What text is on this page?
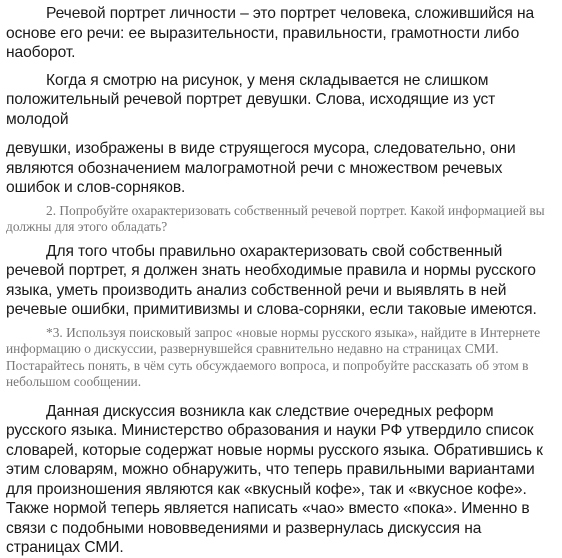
Речевой портрет личности – это портрет человека, сложившийся на основе его речи: ее выразительности, правильности, грамотности либо наоборот.

Когда я смотрю на рисунок, у меня складывается не слишком положительный речевой портрет девушки. Слова, исходящие из уст молодой

девушки, изображены в виде струящегося мусора, следовательно, они являются обозначением малограмотной речи с множеством речевых ошибок и слов-сорняков.

2. Попробуйте охарактеризовать собственный речевой портрет. Какой информацией вы должны для этого обладать?

Для того чтобы правильно охарактеризовать свой собственный речевой портрет, я должен знать необходимые правила и нормы русского языка, уметь производить анализ собственной речи и выявлять в ней речевые ошибки, примитивизмы и слова-сорняки, если таковые имеются.

*3. Используя поисковый запрос «новые нормы русского языка», найдите в Интернете информацию о дискуссии, развернувшейся сравнительно недавно на страницах СМИ. Постарайтесь понять, в чём суть обсуждаемого вопроса, и попробуйте рассказать об этом в небольшом сообщении.

Данная дискуссия возникла как следствие очередных реформ русского языка. Министерство образования и науки РФ утвердило список словарей, которые содержат новые нормы русского языка. Обратившись к этим словарям, можно обнаружить, что теперь правильными вариантами для произношения являются как «вкусный кофе», так и «вкусное кофе». Также нормой теперь является написать «чао» вместо «пока». Именно в связи с подобными нововведениями и развернулась дискуссия на страницах СМИ.
